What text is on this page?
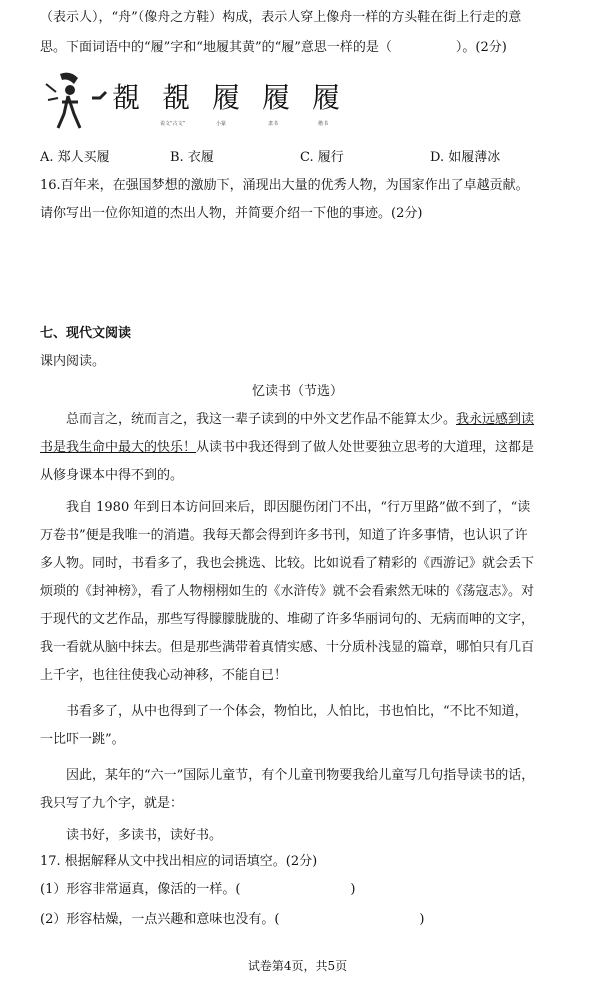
（表示人），“舟”（像舟之方鞋）构成，表示人穿上像舟一样的方头鞋在街上行走的意
思。下面词语中的“履”字和“地履其黄”的“履”意思一样的是（	）。(2分)
覩 覩 履 履 履
说文“古文”	小篆	隶书	楷书
A. 郑人买履	B. 衣履	C. 履行	D. 如履薄冰
16.百年来，在强国梦想的激励下，涌现出大量的优秀人物，为国家作出了卓越贡献。
请你写出一位你知道的杰出人物，并简要介绍一下他的事迹。(2分)
七、现代文阅读
课内阅读。
忆读书（节选）
总而言之，统而言之，我这一辈子读到的中外文艺作品不能算太少。我永远感到读
书是我生命中最大的快乐！从读书中我还得到了做人处世要独立思考的大道理，这都是
从修身课本中得不到的。
我自 1980 年到日本访问回来后，即因腿伤闭门不出，“行万里路”做不到了，“读
万卷书”便是我唯一的消遣。我每天都会得到许多书刊，知道了许多事情，也认识了许
多人物。同时，书看多了，我也会挑选、比较。比如说看了精彩的《西游记》就会丢下
烦琐的《封神榜》，看了人物栩栩如生的《水浒传》就不会看索然无味的《荡寇志》。对
于现代的文艺作品，那些写得朦朦胧胧的、堆砌了许多华丽词句的、无病而呻的文字，
我一看就从脑中抹去。但是那些满带着真情实感、十分质朴浅显的篇章，哪怕只有几百
上千字，也往往使我心动神移，不能自已！
书看多了，从中也得到了一个体会，物怕比，人怕比，书也怕比，“不比不知道，
一比吓一跳”。
因此，某年的“六一”国际儿童节，有个儿童刊物要我给儿童写几句指导读书的话，
我只写了九个字，就是：
读书好，多读书，读好书。
17. 根据解释从文中找出相应的词语填空。(2分)
(1）形容非常逼真，像活的一样。(	)
(2）形容枯燥，一点兴趣和意味也没有。(	)
试卷第4页，共5页
